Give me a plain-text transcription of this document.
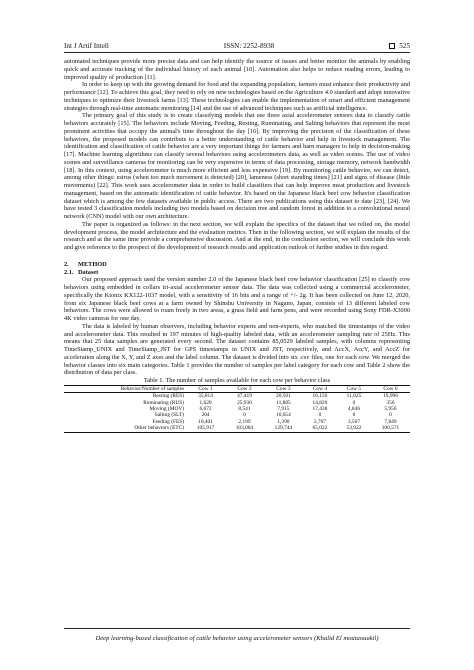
Int J Artif Intell	ISSN: 2252-8938	525

automated techniques provide more precise data and can help identify the source of issues and better monitor the animals by enabling quick and accurate tracking of the individual history of each animal [10]. Automation also helps to reduce reading errors, leading to improved quality of production [11].

In order to keep up with the growing demand for food and the expanding population, farmers must enhance their productivity and performance [12]. To achieve this goal, they need to rely on new technologies based on the Agriculture 4.0 standard and adopt innovative techniques to optimize their livestock farms [13]. These technologies can enable the implementation of smart and efficient management strategies through real-time automatic monitoring [14] and the use of advanced techniques such as artificial intelligence.

The primary goal of this study is to create classifying models that use three axial accelerometer sensors data to classify cattle behaviors accurately [15]. The behaviors include Moving, Feeding, Resting, Ruminating, and Salting behaviors that represent the most prominent activities that occupy the animal's time throughout the day [16]. By improving the precision of the classification of these behaviors, the proposed models can contribute to a better understanding of cattle behavior and help in livestock management. The identification and classification of cattle behavior are a very important things for farmers and barn managers to help in decision-making [17]. Machine learning algorithms can classify several behaviors using accelerometers data, as well as video scenes. The use of video scenes and surveillance cameras for monitoring can be very expensive in terms of data processing, storage memory, network bandwidth [18]. In this context, using accelerometer is much more efficient and less expensive [19]. By monitoring cattle behavior, we can detect, among other things: estrus (when too much movement is detected) [20], lameness (short standing times) [21] and signs of disease (little movements) [22]. This work uses accelerometer data in order to build classifiers that can help improve meat production and livestock management, based on the automatic identification of cattle behavior. It's based on the Japanese black beef cow behavior classification dataset which is among the few datasets available in public access. There are two publications using this dataset to date [23], [24]. We have tested 3 classification models including two models based on decision tree and random forest in addition to a convolutional neural network (CNN) model with our own architecture.

The paper is organized as follows: in the next section, we will explain the specifics of the dataset that we relied on, the model development process, the model architecture and the evaluation metrics. Then in the following section, we will explain the results of the research and at the same time provide a comprehensive discussion. And at the end, in the conclusion section, we will conclude this work and give reference to the prospect of the development of research results and application outlook of further studies in this regard.

2. METHOD

2.1. Dataset

Our proposed approach used the version number 2.0 of the Japanese black beef cow behavior classification [25] to classify cow behaviors using embedded in collars tri-axial accelerometer sensor data. The data was collected using a commercial accelerometer, specifically the Kionix KX122-1037 model, with a sensitivity of 16 bits and a range of +/- 2g. It has been collected on June 12, 2020, from six Japanese black beef cows at a farm owned by Shinshu University in Nagano, Japan, consists of 13 different labeled cow behaviors. The cows were allowed to roam freely in two areas, a grass field and farm pens, and were recorded using Sony FDR-X3000 4K video cameras for one day.

The data is labeled by human observers, including behavior experts and non-experts, who matched the timestamps of the video and accelerometer data. This resulted in 197 minutes of high-quality labeled data, with an accelerometer sampling rate of 25Hz. This means that 25 data samples are generated every second. The dataset contains 85,0529 labeled samples, with columns representing TimeStamp_UNIX and TimeStamp_JST for GPS timestamps in UNIX and JST, respectively, and AccX, AccY, and AccZ for acceleration along the X, Y, and Z axes and the label column. The dataset is divided into six .csv files, one for each cow. We merged the behavior classes into six main categories. Table 1 provides the number of samples per label category for each cow and Table 2 show the distribution of data per class.

Table 1. The number of samples available for each cow per behavior class

Behavior/Number of samples	Cow 1	Cow 2	Cow 3	Cow 4	Cow 5	Cow 6
Resting (RES)	35,814	47,419	20,501	16,150	11,025	19,996
Ruminating (RUS)	1,620	25,930	11,805	14,820	0	356
Moving (MOV)	6,672	8,541	7,915	17,438	4,846	5,956
Salting (SLT)	204	0	10,654	0	0	0
Feeding (FES)	10,401	2,199	1,390	2,707	3,567	7,849
Other behaviors (ETC)	105,917	103,084	129,744	65,022	53,922	100,571
Deep learning-based classification of cattle behavior using accelerometer sensors (Khalid El moutaouakil)
